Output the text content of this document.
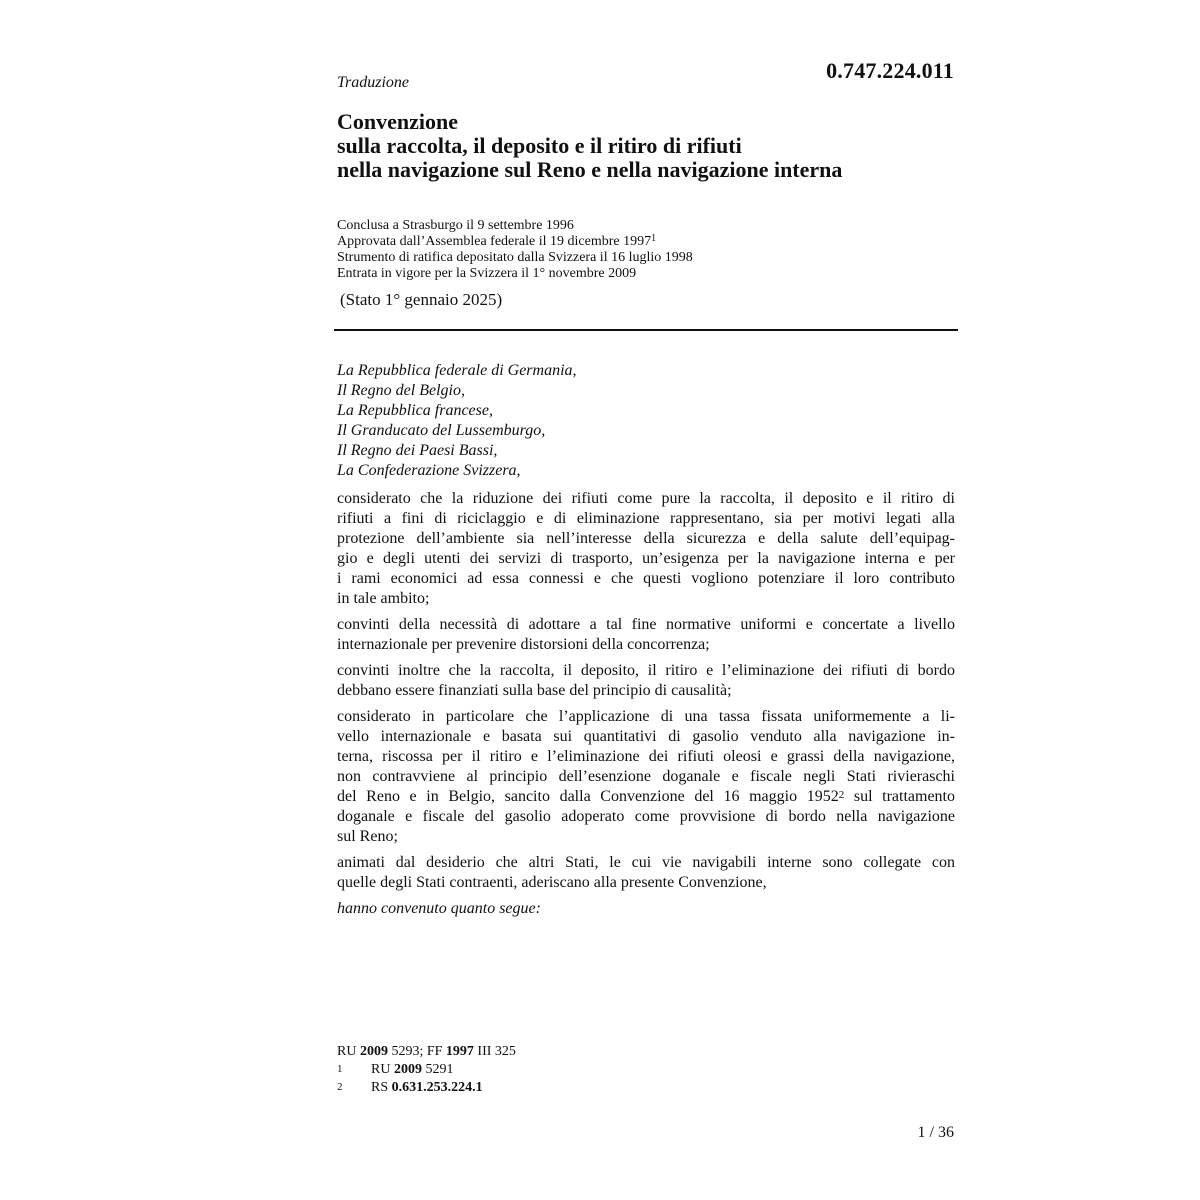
0.747.224.011
Traduzione
Convenzione
sulla raccolta, il deposito e il ritiro di rifiuti
nella navigazione sul Reno e nella navigazione interna
Conclusa a Strasburgo il 9 settembre 1996
Approvata dall’Assemblea federale il 19 dicembre 1997$^1$
Strumento di ratifica depositato dalla Svizzera il 16 luglio 1998
Entrata in vigore per la Svizzera il 1° novembre 2009
(Stato 1° gennaio 2025)
La Repubblica federale di Germania,
Il Regno del Belgio,
La Repubblica francese,
Il Granducato del Lussemburgo,
Il Regno dei Paesi Bassi,
La Confederazione Svizzera,

considerato che la riduzione dei rifiuti come pure la raccolta, il deposito e il ritiro di
rifiuti a fini di riciclaggio e di eliminazione rappresentano, sia per motivi legati alla
protezione dell’ambiente sia nell’interesse della sicurezza e della salute dell’equipag-
gio e degli utenti dei servizi di trasporto, un’esigenza per la navigazione interna e per
i rami economici ad essa connessi e che questi vogliono potenziare il loro contributo
in tale ambito;

convinti della necessità di adottare a tal fine normative uniformi e concertate a livello
internazionale per prevenire distorsioni della concorrenza;

convinti inoltre che la raccolta, il deposito, il ritiro e l’eliminazione dei rifiuti di bordo
debbano essere finanziati sulla base del principio di causalità;

considerato in particolare che l’applicazione di una tassa fissata uniformemente a li-
vello internazionale e basata sui quantitativi di gasolio venduto alla navigazione in-
terna, riscossa per il ritiro e l’eliminazione dei rifiuti oleosi e grassi della navigazione,
non contravviene al principio dell’esenzione doganale e fiscale negli Stati rivieraschi
del Reno e in Belgio, sancito dalla Convenzione del 16 maggio 1952$^2$ sul trattamento
doganale e fiscale del gasolio adoperato come provvisione di bordo nella navigazione
sul Reno;

animati dal desiderio che altri Stati, le cui vie navigabili interne sono collegate con
quelle degli Stati contraenti, aderiscano alla presente Convenzione,

hanno convenuto quanto segue:

RU 2009 5293; FF 1997 III 325
1 RU 2009 5291
2 RS 0.631.253.224.1
1 / 36
